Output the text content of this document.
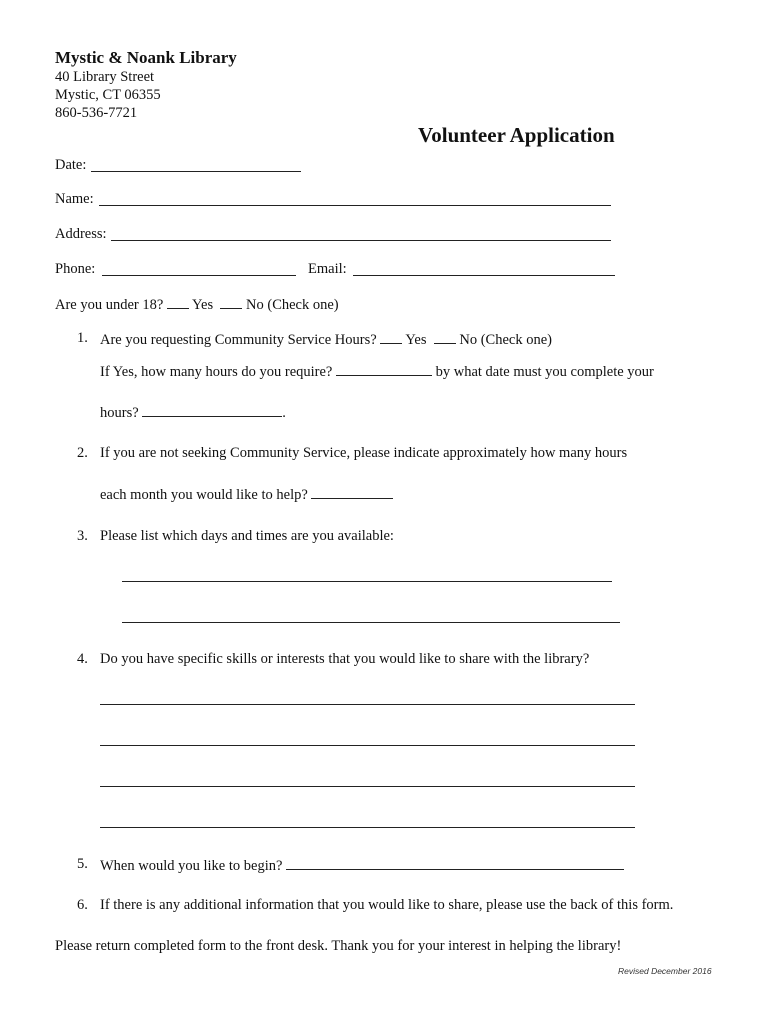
Mystic & Noank Library
40 Library Street
Mystic, CT 06355
860-536-7721
Volunteer Application
Date:
Name:
Address:
Phone:	Email:
Are you under 18? Yes No (Check one)
1. Are you requesting Community Service Hours? Yes No (Check one)
If Yes, how many hours do you require?	by what date must you complete your
hours?	.
2. If you are not seeking Community Service, please indicate approximately how many hours
each month you would like to help?
3. Please list which days and times are you available:
4. Do you have specific skills or interests that you would like to share with the library?
5. When would you like to begin?
6. If there is any additional information that you would like to share, please use the back of this form.
Please return completed form to the front desk. Thank you for your interest in helping the library!
Revised December 2016
